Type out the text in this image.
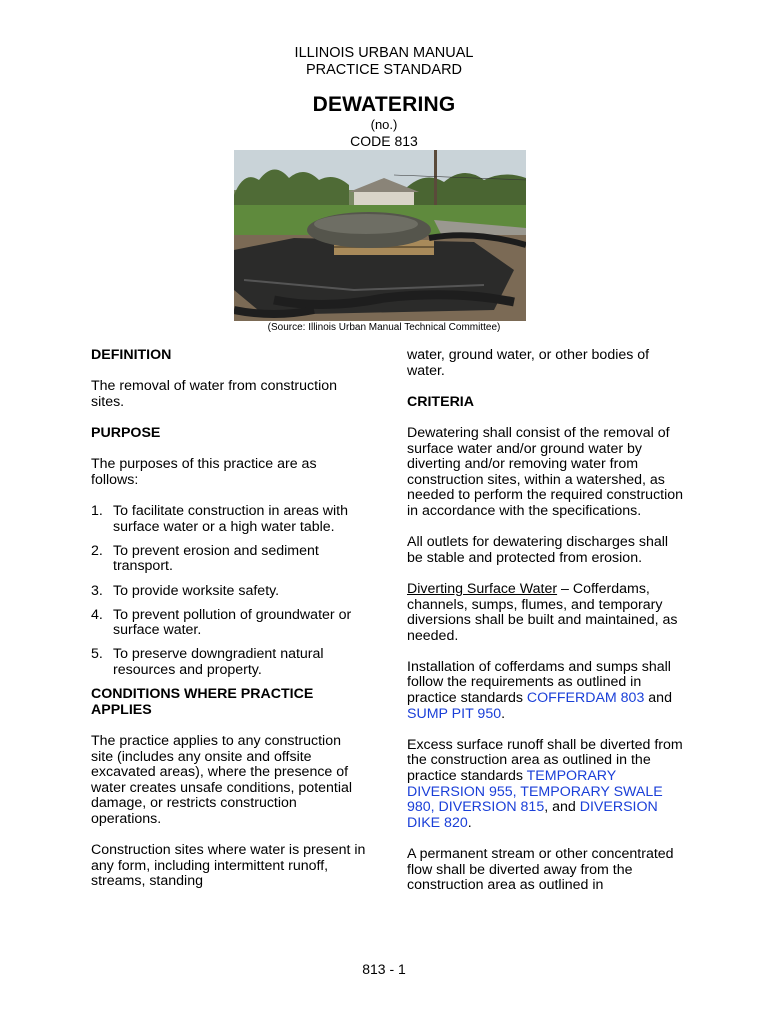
ILLINOIS URBAN MANUAL
PRACTICE STANDARD
DEWATERING
(no.)
CODE 813
(Source: Illinois Urban Manual Technical Committee)

DEFINITION

The removal of water from construction sites.

PURPOSE

The purposes of this practice are as follows:

1. To facilitate construction in areas with surface water or a high water table.
2. To prevent erosion and sediment transport.
3. To provide worksite safety.
4. To prevent pollution of groundwater or surface water.
5. To preserve downgradient natural resources and property.

CONDITIONS WHERE PRACTICE APPLIES

The practice applies to any construction site (includes any onsite and offsite excavated areas), where the presence of water creates unsafe conditions, potential damage, or restricts construction operations.

Construction sites where water is present in any form, including intermittent runoff, streams, standing

water, ground water, or other bodies of water.

CRITERIA

Dewatering shall consist of the removal of surface water and/or ground water by diverting and/or removing water from construction sites, within a watershed, as needed to perform the required construction in accordance with the specifications.

All outlets for dewatering discharges shall be stable and protected from erosion.

Diverting Surface Water – Cofferdams, channels, sumps, flumes, and temporary diversions shall be built and maintained, as needed.

Installation of cofferdams and sumps shall follow the requirements as outlined in practice standards COFFERDAM 803 and SUMP PIT 950.

Excess surface runoff shall be diverted from the construction area as outlined in the practice standards TEMPORARY DIVERSION 955, TEMPORARY SWALE 980, DIVERSION 815, and DIVERSION DIKE 820.

A permanent stream or other concentrated flow shall be diverted away from the construction area as outlined in

813 - 1
